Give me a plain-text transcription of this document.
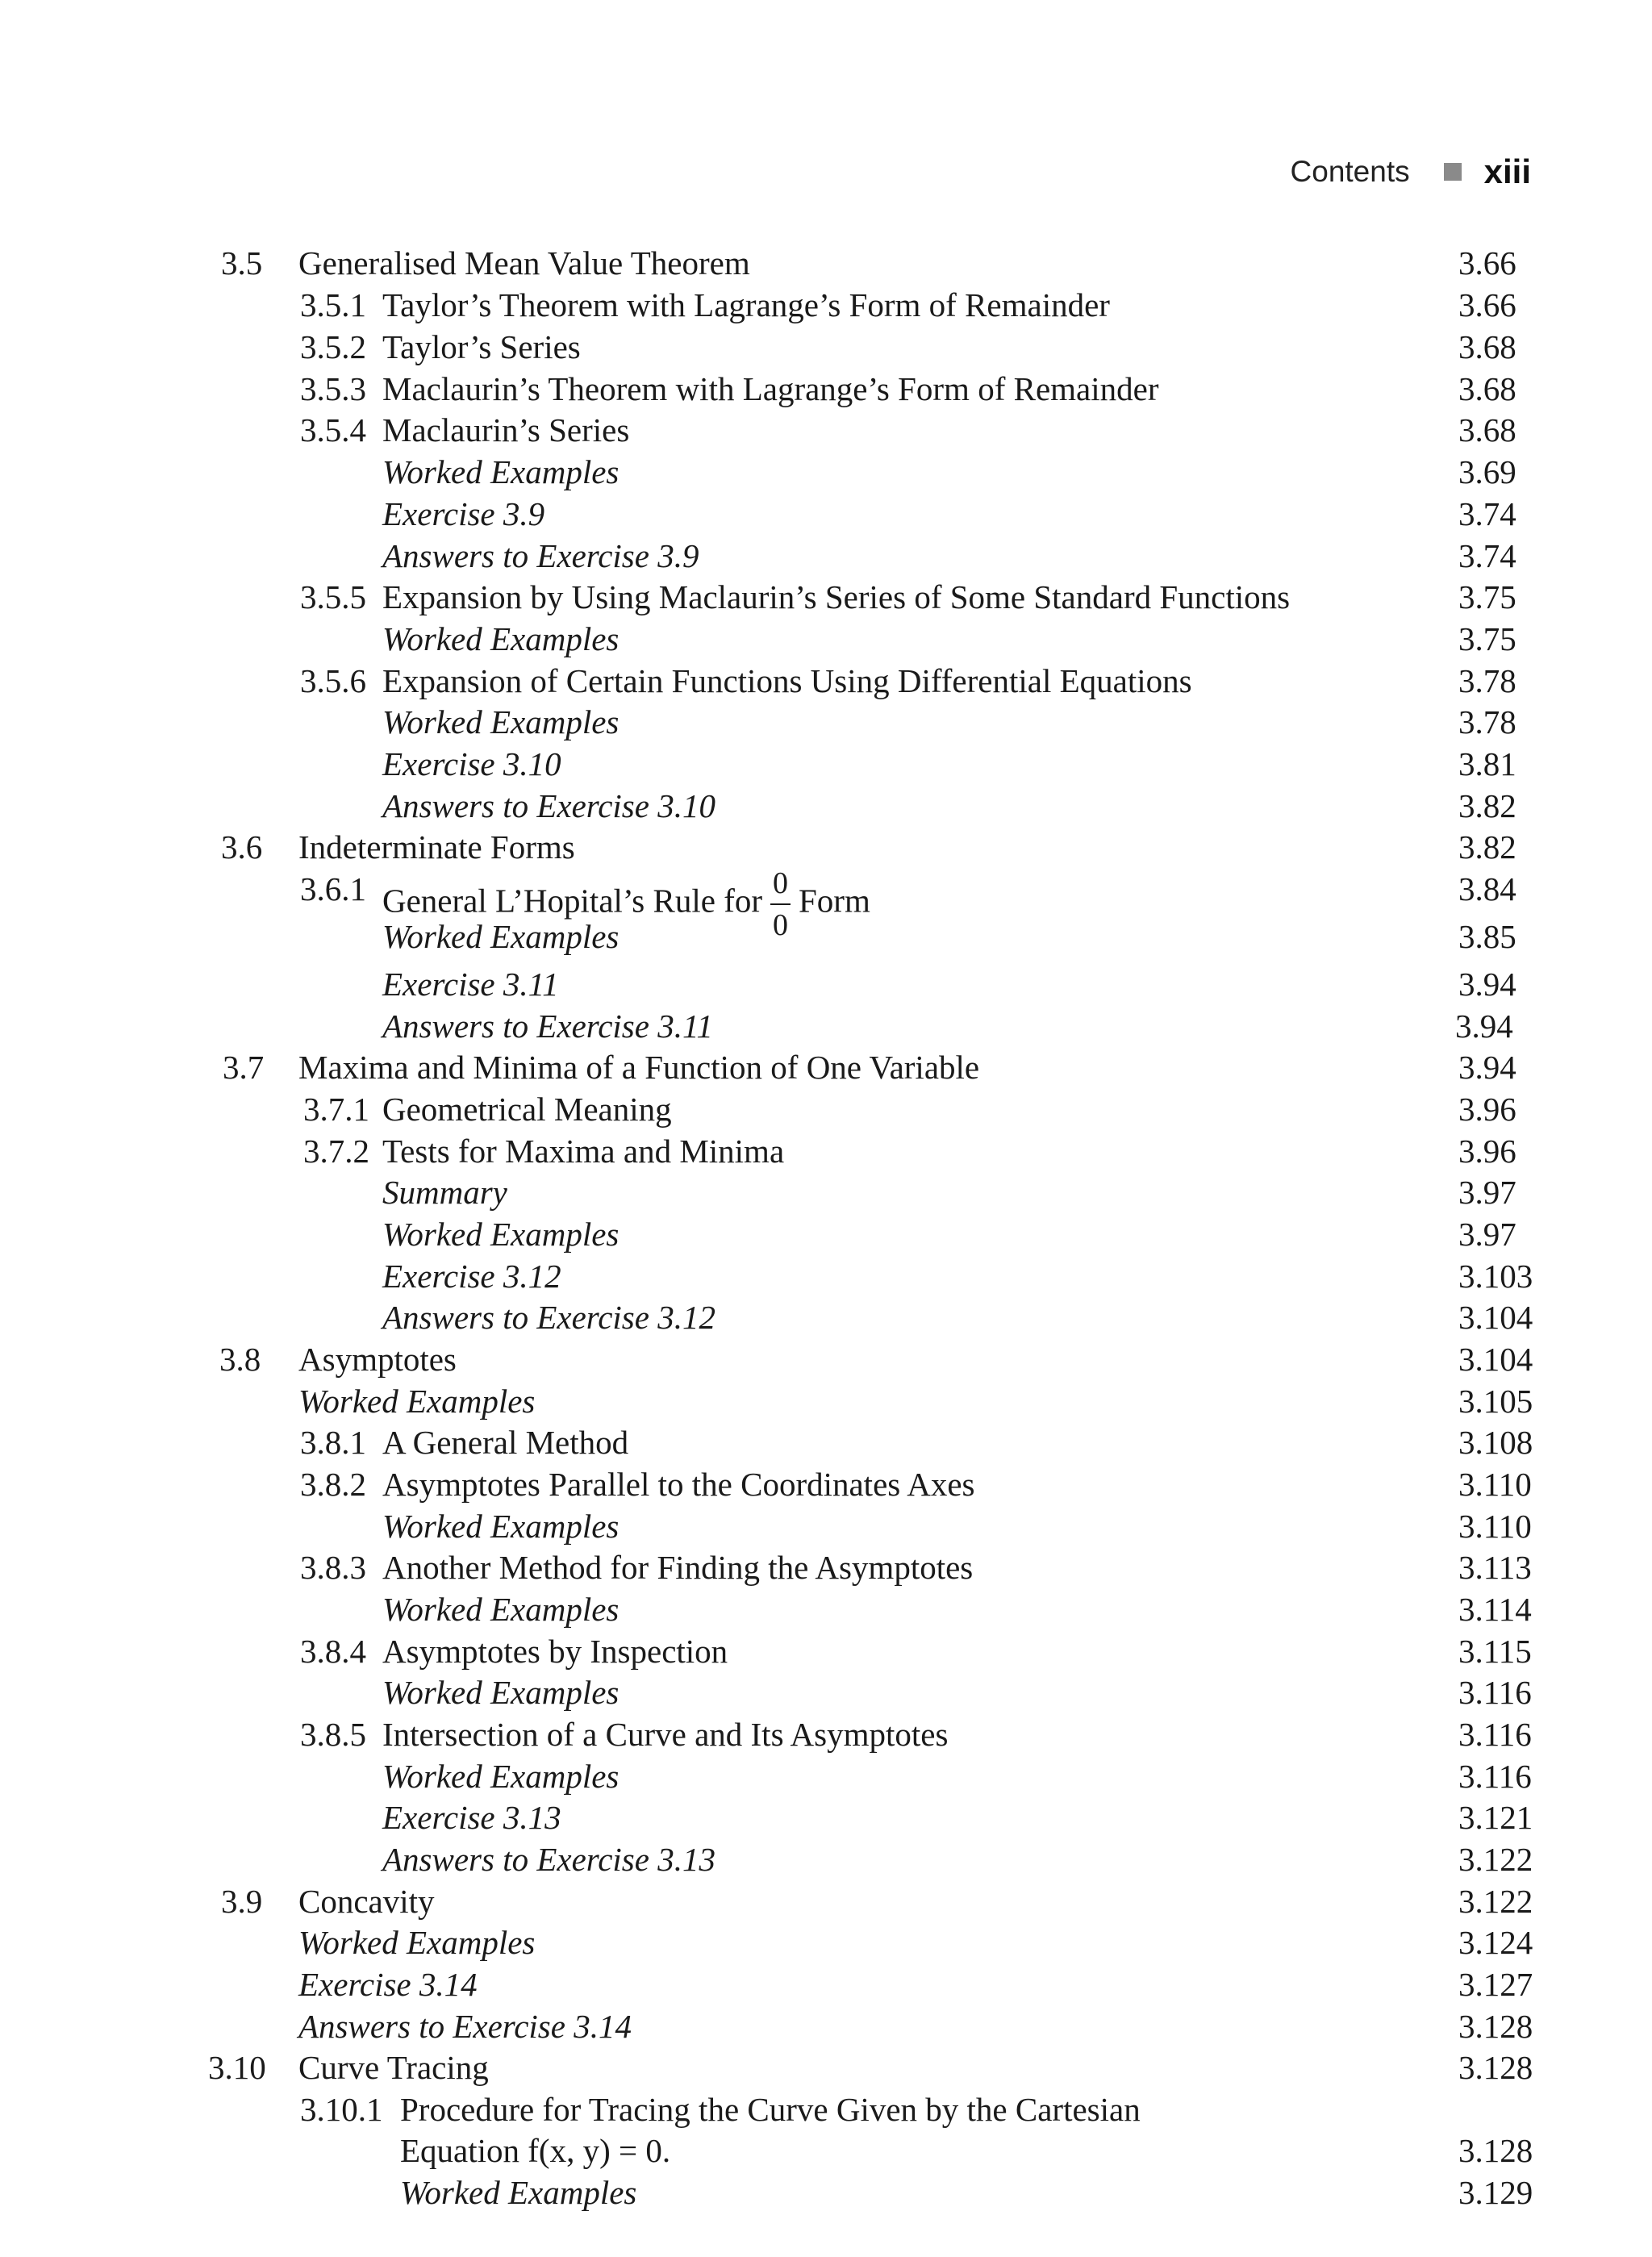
Contents xiii
3.5 Generalised Mean Value Theorem	3.66
3.5.1 Taylor’s Theorem with Lagrange’s Form of Remainder	3.66
3.5.2 Taylor’s Series	3.68
3.5.3 Maclaurin’s Theorem with Lagrange’s Form of Remainder	3.68
3.5.4 Maclaurin’s Series	3.68
Worked Examples	3.69
Exercise 3.9	3.74
Answers to Exercise 3.9	3.74
3.5.5 Expansion by Using Maclaurin’s Series of Some Standard Functions	3.75
Worked Examples	3.75
3.5.6 Expansion of Certain Functions Using Differential Equations	3.78
Worked Examples	3.78
Exercise 3.10	3.81
Answers to Exercise 3.10	3.82
3.6 Indeterminate Forms	3.82
3.6.1 General L’Hopital’s Rule for $\frac{0}{0}$ Form	3.84
Worked Examples	3.85
Exercise 3.11	3.94
Answers to Exercise 3.11	3.94
3.7 Maxima and Minima of a Function of One Variable	3.94
3.7.1 Geometrical Meaning	3.96
3.7.2 Tests for Maxima and Minima	3.96
Summary	3.97
Worked Examples	3.97
Exercise 3.12	3.103
Answers to Exercise 3.12	3.104
3.8 Asymptotes	3.104
Worked Examples	3.105
3.8.1 A General Method	3.108
3.8.2 Asymptotes Parallel to the Coordinates Axes	3.110
Worked Examples	3.110
3.8.3 Another Method for Finding the Asymptotes	3.113
Worked Examples	3.114
3.8.4 Asymptotes by Inspection	3.115
Worked Examples	3.116
3.8.5 Intersection of a Curve and Its Asymptotes	3.116
Worked Examples	3.116
Exercise 3.13	3.121
Answers to Exercise 3.13	3.122
3.9 Concavity	3.122
Worked Examples	3.124
Exercise 3.14	3.127
Answers to Exercise 3.14	3.128
3.10 Curve Tracing	3.128
3.10.1 Procedure for Tracing the Curve Given by the Cartesian
Equation f(x, y) = 0.	3.128
Worked Examples	3.129
